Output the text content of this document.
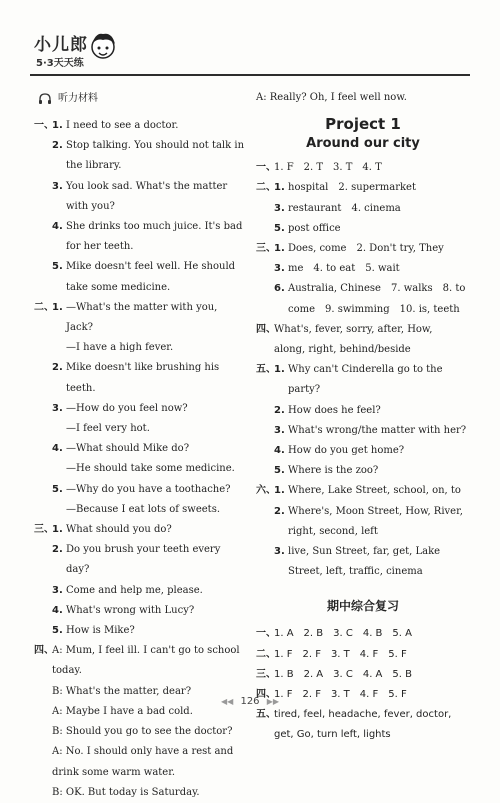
小儿郎
5·3天天练
听力材料
一、
1. I need to see a doctor.
2. Stop talking. You should not talk in
the library.
3. You look sad. What's the matter
with you?
4. She drinks too much juice. It's bad
for her teeth.
5. Mike doesn't feel well. He should
take some medicine.
二、
1. —What's the matter with you, Jack?
—I have a high fever.
2. Mike doesn't like brushing his teeth.
3. —How do you feel now?
—I feel very hot.
4. —What should Mike do?
—He should take some medicine.
5. —Why do you have a toothache?
—Because I eat lots of sweets.
三、
1. What should you do?
2. Do you brush your teeth every day?
3. Come and help me, please.
4. What's wrong with Lucy?
5. How is Mike?
四、
A: Mum, I feel ill. I can't go to school
today.
B: What's the matter, dear?
A: Maybe I have a bad cold.
B: Should you go to see the doctor?
A: No. I should only have a rest and
drink some warm water.
B: OK. But today is Saturday.
A: Really? Oh, I feel well now.
Project 1
Around our city
一、
1. F　2. T　3. T　4. T
二、
1. hospital　2. supermarket
3. restaurant　4. cinema
5. post office
三、
1. Does, come　2. Don't try, They
3. me　4. to eat　5. wait
6. Australia, Chinese　7. walks　8. to
come　9. swimming　10. is, teeth
四、
What's, fever, sorry, after, How,
along, right, behind/beside
五、
1. Why can't Cinderella go to the party?
2. How does he feel?
3. What's wrong/the matter with her?
4. How do you get home?
5. Where is the zoo?
六、
1. Where, Lake Street, school, on, to
2. Where's, Moon Street, How, River,
right, second, left
3. live, Sun Street, far, get, Lake
Street, left, traffic, cinema
期中综合复习
一、
1. A　2. B　3. C　4. B　5. A
二、
1. F　2. F　3. T　4. F　5. F
三、
1. B　2. A　3. C　4. A　5. B
四、
1. F　2. F　3. T　4. F　5. F
五、
tired, feel, headache, fever, doctor,
get, Go, turn left, lights
◀◀ 126 ▶▶
